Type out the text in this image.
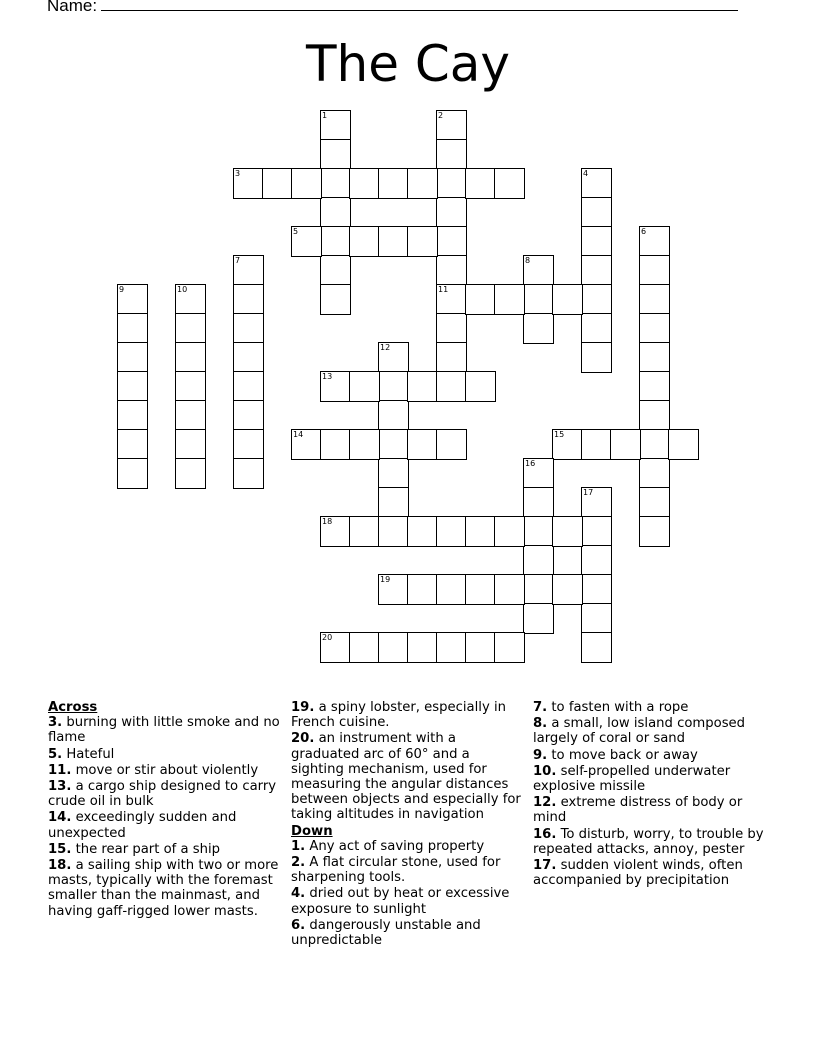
Name:
The Cay
1	2
11
3	4
5	6
7	8
9	10
12
13
14	15
16
17
18
19
20
Across
3. burning with little smoke and no flame
5. Hateful
11. move or stir about violently
13. a cargo ship designed to carry crude oil in bulk
14. exceedingly sudden and unexpected
15. the rear part of a ship
18. a sailing ship with two or more masts, typically with the foremast smaller than the mainmast, and having gaff-rigged lower masts.
19. a spiny lobster, especially in French cuisine.
20. an instrument with a graduated arc of 60° and a sighting mechanism, used for measuring the angular distances between objects and especially for taking altitudes in navigation
Down
1. Any act of saving property
2. A flat circular stone, used for sharpening tools.
4. dried out by heat or excessive exposure to sunlight
6. dangerously unstable and unpredictable
7. to fasten with a rope
8. a small, low island composed largely of coral or sand
9. to move back or away
10. self-propelled underwater explosive missile
12. extreme distress of body or mind
16. To disturb, worry, to trouble by repeated attacks, annoy, pester
17. sudden violent winds, often accompanied by precipitation
